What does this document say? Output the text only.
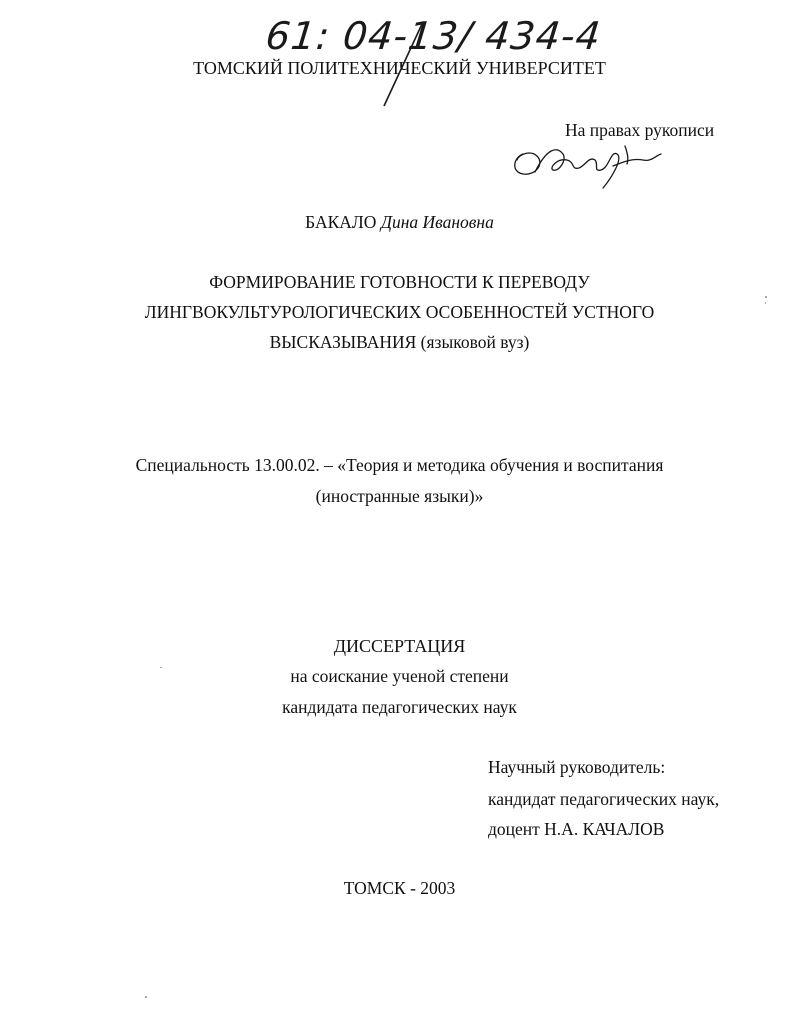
61: 04-13/ 434-4
ТОМСКИЙ ПОЛИТЕХНИЧЕСКИЙ УНИВЕРСИТЕТ
На правах рукописи
БАКАЛО Дина Ивановна
ФОРМИРОВАНИЕ ГОТОВНОСТИ К ПЕРЕВОДУ
ЛИНГВОКУЛЬТУРОЛОГИЧЕСКИХ ОСОБЕННОСТЕЙ УСТНОГО
ВЫСКАЗЫВАНИЯ (языковой вуз)
Специальность 13.00.02. – «Теория и методика обучения и воспитания
(иностранные языки)»
ДИССЕРТАЦИЯ
на соискание ученой степени
кандидата педагогических наук
Научный руководитель:
кандидат педагогических наук,
доцент Н.А. КАЧАЛОВ
ТОМСК - 2003
